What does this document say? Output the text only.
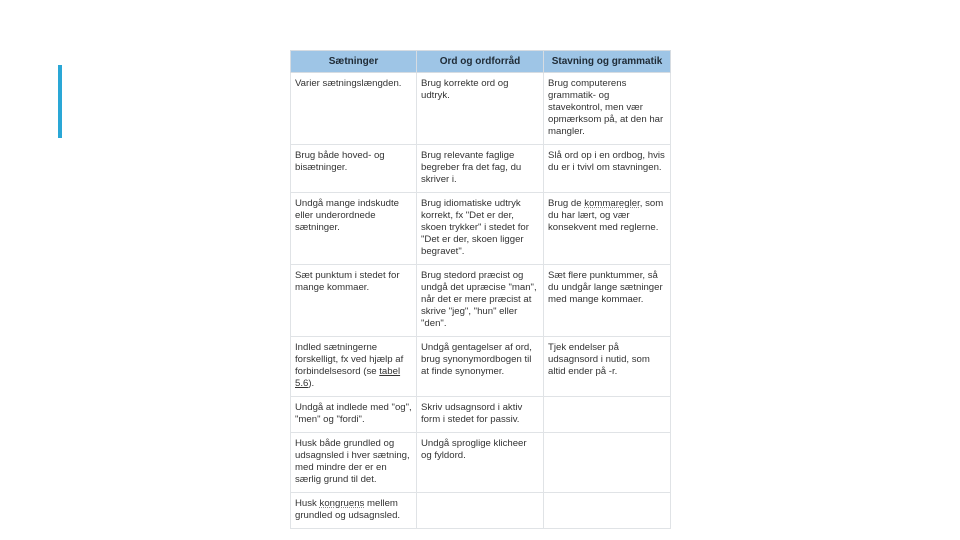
Sætninger	Ord og ordforråd	Stavning og grammatik
Varier sætningslængden.	Brug korrekte ord og udtryk.	Brug computerens grammatik- og stavekontrol, men vær opmærksom på, at den har mangler.
Brug både hoved- og bisætninger.	Brug relevante faglige begreber fra det fag, du skriver i.	Slå ord op i en ordbog, hvis du er i tvivl om stavningen.
Undgå mange indskudte eller underordnede sætninger.	Brug idiomatiske udtryk korrekt, fx "Det er der, skoen trykker" i stedet for "Det er der, skoen ligger begravet".	Brug de kommaregler, som du har lært, og vær konsekvent med reglerne.
Sæt punktum i stedet for mange kommaer.	Brug stedord præcist og undgå det upræcise "man", når det er mere præcist at skrive "jeg", "hun" eller "den".	Sæt flere punktummer, så du undgår lange sætninger med mange kommaer.
Indled sætningerne forskelligt, fx ved hjælp af forbindelsesord (se tabel 5.6).	Undgå gentagelser af ord, brug synonymordbogen til at finde synonymer.	Tjek endelser på udsagnsord i nutid, som altid ender på -r.
Undgå at indlede med "og", "men" og "fordi".	Skriv udsagnsord i aktiv form i stedet for passiv.	
Husk både grundled og udsagnsled i hver sætning, med mindre der er en særlig grund til det.	Undgå sproglige klicheer og fyldord.	
Husk kongruens mellem grundled og udsagnsled.		
